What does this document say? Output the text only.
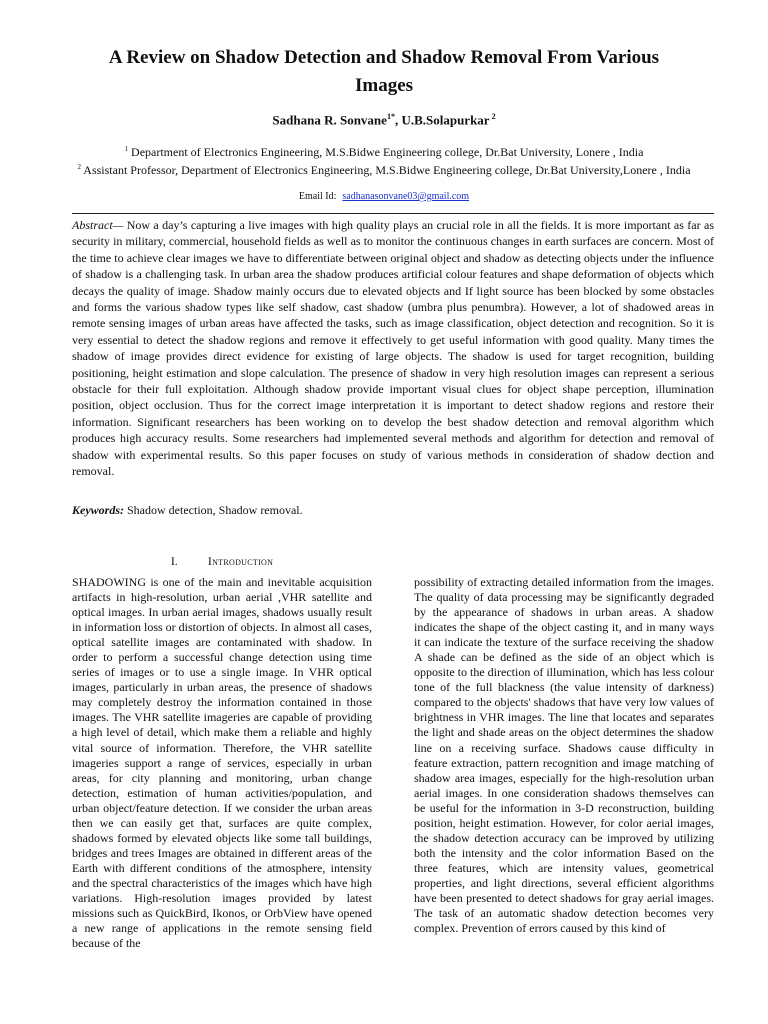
A Review on Shadow Detection and Shadow Removal From Various Images
Sadhana R. Sonvane$^{1*}$, U.B.Solapurkar $^2$
$^1$ Department of Electronics Engineering, M.S.Bidwe Engineering college, Dr.Bat University, Lonere , India
$^2$ Assistant Professor, Department of Electronics Engineering, M.S.Bidwe Engineering college, Dr.Bat University,Lonere , India
Email Id: sadhanasonvane03@gmail.com
Abstract— Now a day’s capturing a live images with high quality plays an crucial role in all the fields. It is more important as far as security in military, commercial, household fields as well as to monitor the continuous changes in earth surfaces are concern. Most of the time to achieve clear images we have to differentiate between original object and shadow as detecting objects under the influence of shadow is a challenging task. In urban area the shadow produces artificial colour features and shape deformation of objects which decays the quality of image. Shadow mainly occurs due to elevated objects and If light source has been blocked by some obstacles and forms the various shadow types like self shadow, cast shadow (umbra plus penumbra). However, a lot of shadowed areas in remote sensing images of urban areas have affected the tasks, such as image classification, object detection and recognition. So it is very essential to detect the shadow regions and remove it effectively to get useful information with good quality. Many times the shadow of image provides direct evidence for existing of large objects. The shadow is used for target recognition, building positioning, height estimation and slope calculation. The presence of shadow in very high resolution images can represent a serious obstacle for their full exploitation. Although shadow provide important visual clues for object shape perception, illumination position, object occlusion. Thus for the correct image interpretation it is important to detect shadow regions and restore their information. Significant researchers has been working on to develop the best shadow detection and removal algorithm which produces high accuracy results. Some researchers had implemented several methods and algorithm for detection and removal of shadow with experimental results. So this paper focuses on study of various methods in consideration of shadow dection and removal.
Keywords: Shadow detection, Shadow removal.
I.	Introduction
SHADOWING is one of the main and inevitable acquisition artifacts in high-resolution, urban aerial ,VHR satellite and optical images. In urban aerial images, shadows usually result in information loss or distortion of objects. In almost all cases, optical satellite images are contaminated with shadow. In order to perform a successful change detection using time series of images or to use a single image. In VHR optical images, particularly in urban areas, the presence of shadows may completely destroy the information contained in those images. The VHR satellite imageries are capable of providing a high level of detail, which make them a reliable and highly vital source of information. Therefore, the VHR satellite imageries support a range of services, especially in urban areas, for city planning and monitoring, urban change detection, estimation of human activities/population, and urban object/feature detection. If we consider the urban areas then we can easily get that, surfaces are quite complex, shadows formed by elevated objects like some tall buildings, bridges and trees Images are obtained in different areas of the Earth with different conditions of the atmosphere, intensity and the spectral characteristics of the images which have high variations. High-resolution images provided by latest missions such as QuickBird, Ikonos, or OrbView have opened a new range of applications in the remote sensing field because of the
possibility of extracting detailed information from the images. The quality of data processing may be significantly degraded by the appearance of shadows in urban areas. A shadow indicates the shape of the object casting it, and in many ways it can indicate the texture of the surface receiving the shadow A shade can be defined as the side of an object which is opposite to the direction of illumination, which has less colour tone of the full blackness (the value intensity of darkness) compared to the objects' shadows that have very low values of brightness in VHR images. The line that locates and separates the light and shade areas on the object determines the shadow line on a receiving surface. Shadows cause difficulty in feature extraction, pattern recognition and image matching of shadow area images, especially for the high-resolution urban aerial images. In one consideration shadows themselves can be useful for the information in 3-D reconstruction, building position, height estimation. However, for color aerial images, the shadow detection accuracy can be improved by utilizing both the intensity and the color information Based on the three features, which are intensity values, geometrical properties, and light directions, several efficient algorithms have been presented to detect shadows for gray aerial images. The task of an automatic shadow detection becomes very complex. Prevention of errors caused by this kind of
